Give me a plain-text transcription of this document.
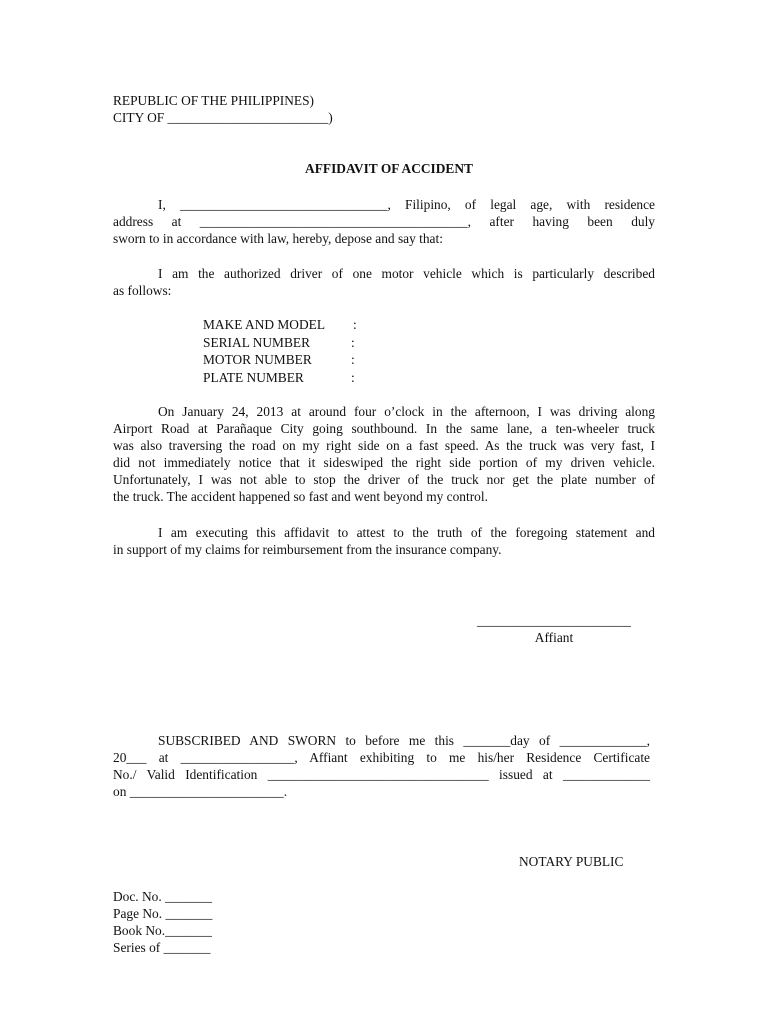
REPUBLIC OF THE PHILIPPINES)
CITY OF ________________________)
AFFIDAVIT OF ACCIDENT
I, _______________________________, Filipino, of legal age, with residence
address at ________________________________________, after having been duly
sworn to in accordance with law, hereby, depose and say that:
I am the authorized driver of one motor vehicle which is particularly described
as follows:
MAKE AND MODEL :
SERIAL NUMBER	:
MOTOR NUMBER	:
PLATE NUMBER	:
On January 24, 2013 at around four o’clock in the afternoon, I was driving along
Airport Road at Parañaque City going southbound. In the same lane, a ten-wheeler truck
was also traversing the road on my right side on a fast speed. As the truck was very fast, I
did not immediately notice that it sideswiped the right side portion of my driven vehicle.
Unfortunately, I was not able to stop the driver of the truck nor get the plate number of
the truck. The accident happened so fast and went beyond my control.
I am executing this affidavit to attest to the truth of the foregoing statement and
in support of my claims for reimbursement from the insurance company.
_______________________
Affiant
SUBSCRIBED AND SWORN to before me this _______day of _____________,
20___ at _________________, Affiant exhibiting to me his/her Residence Certificate
No./ Valid Identification _________________________________ issued at _____________
on _______________________.
NOTARY PUBLIC
Doc. No. _______
Page No. _______
Book No._______
Series of _______
